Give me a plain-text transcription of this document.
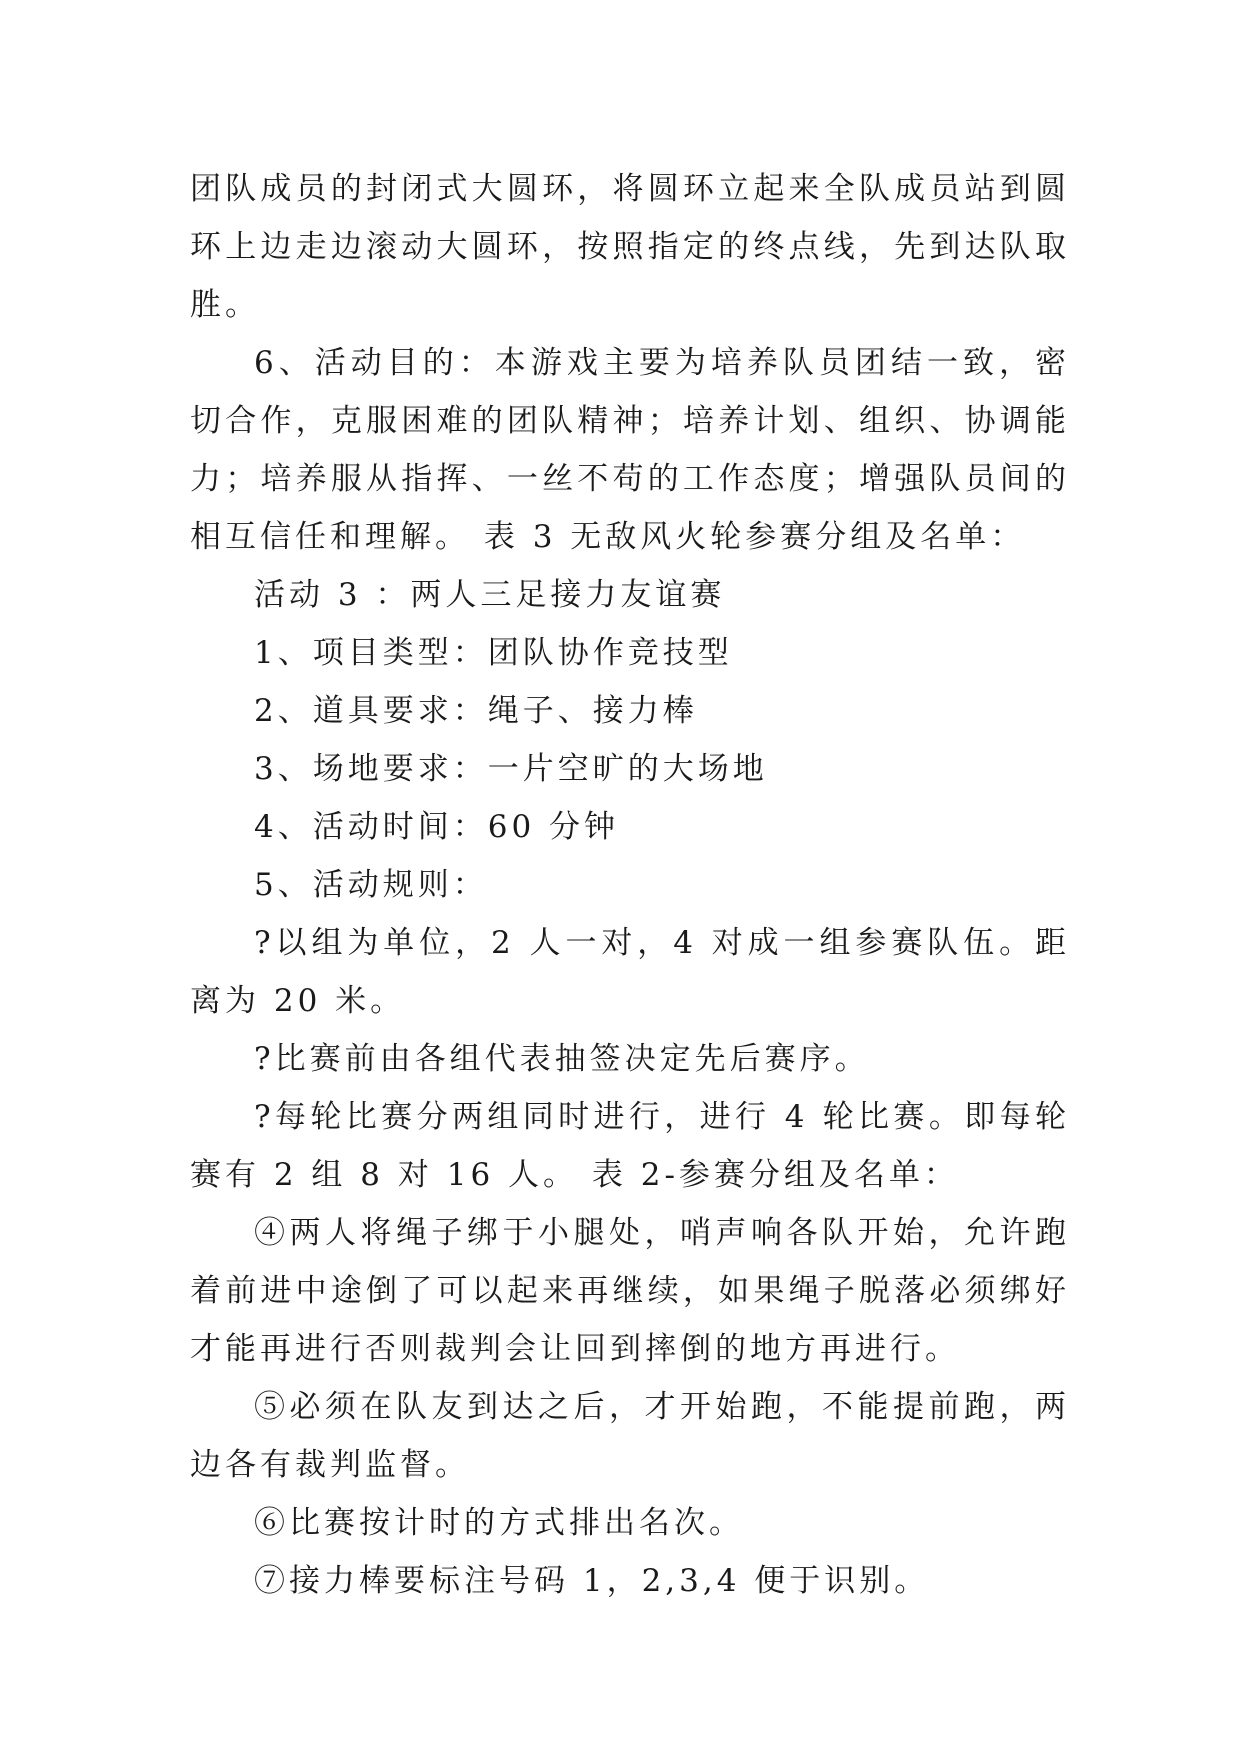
团队成员的封闭式大圆环，将圆环立起来全队成员站到圆环上边走边滚动大圆环，按照指定的终点线，先到达队取胜。

6、活动目的：本游戏主要为培养队员团结一致，密切合作，克服困难的团队精神；培养计划、组织、协调能力；培养服从指挥、一丝不苟的工作态度；增强队员间的相互信任和理解。 表 3 无敌风火轮参赛分组及名单：

活动 3 ：两人三足接力友谊赛

1、项目类型：团队协作竞技型

2、道具要求：绳子、接力棒

3、场地要求：一片空旷的大场地

4、活动时间：60 分钟

5、活动规则：

?以组为单位，2 人一对，4 对成一组参赛队伍。距离为 20 米。

?比赛前由各组代表抽签决定先后赛序。

?每轮比赛分两组同时进行，进行 4 轮比赛。即每轮赛有 2 组 8 对 16 人。 表 2-参赛分组及名单：

④两人将绳子绑于小腿处，哨声响各队开始，允许跑着前进中途倒了可以起来再继续，如果绳子脱落必须绑好才能再进行否则裁判会让回到摔倒的地方再进行。

⑤必须在队友到达之后，才开始跑，不能提前跑，两边各有裁判监督。

⑥比赛按计时的方式排出名次。

⑦接力棒要标注号码 1，2,3,4 便于识别。
